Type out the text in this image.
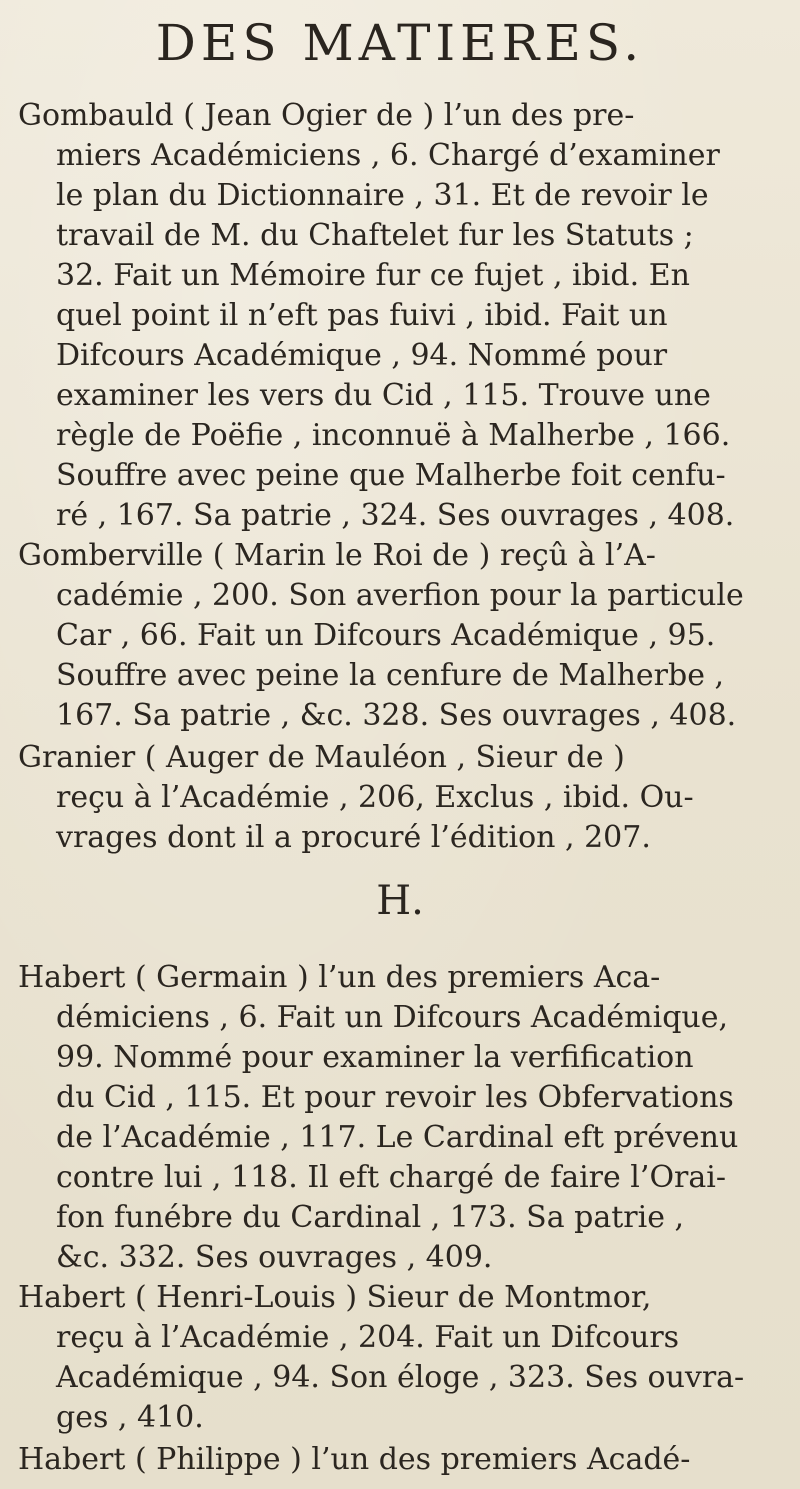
DES MATIERES.
Gombauld ( Jean Ogier de ) l’un des pre-
miers Académiciens , 6. Chargé d’examiner
le plan du Dictionnaire , 31. Et de revoir le
travail de M. du Chaftelet fur les Statuts ;
32. Fait un Mémoire fur ce fujet , ibid. En
quel point il n’eft pas fuivi , ibid. Fait un
Difcours Académique , 94. Nommé pour
examiner les vers du Cid , 115. Trouve une
règle de Poëfie , inconnuë à Malherbe , 166.
Souffre avec peine que Malherbe foit cenfu-
ré , 167. Sa patrie , 324. Ses ouvrages , 408.
Gomberville ( Marin le Roi de ) reçû à l’A-
cadémie , 200. Son averfion pour la particule
Car , 66. Fait un Difcours Académique , 95.
Souffre avec peine la cenfure de Malherbe ,
167. Sa patrie , &c. 328. Ses ouvrages , 408.
Granier ( Auger de Mauléon , Sieur de )
reçu à l’Académie , 206, Exclus , ibid. Ou-
vrages dont il a procuré l’édition , 207.
H.
Habert ( Germain ) l’un des premiers Aca-
démiciens , 6. Fait un Difcours Académique,
99. Nommé pour examiner la verfification
du Cid , 115. Et pour revoir les Obfervations
de l’Académie , 117. Le Cardinal eft prévenu
contre lui , 118. Il eft chargé de faire l’Orai-
fon funébre du Cardinal , 173. Sa patrie ,
&c. 332. Ses ouvrages , 409.
Habert ( Henri-Louis ) Sieur de Montmor,
reçu à l’Académie , 204. Fait un Difcours
Académique , 94. Son éloge , 323. Ses ouvra-
ges , 410.
Habert ( Philippe ) l’un des premiers Acadé-
